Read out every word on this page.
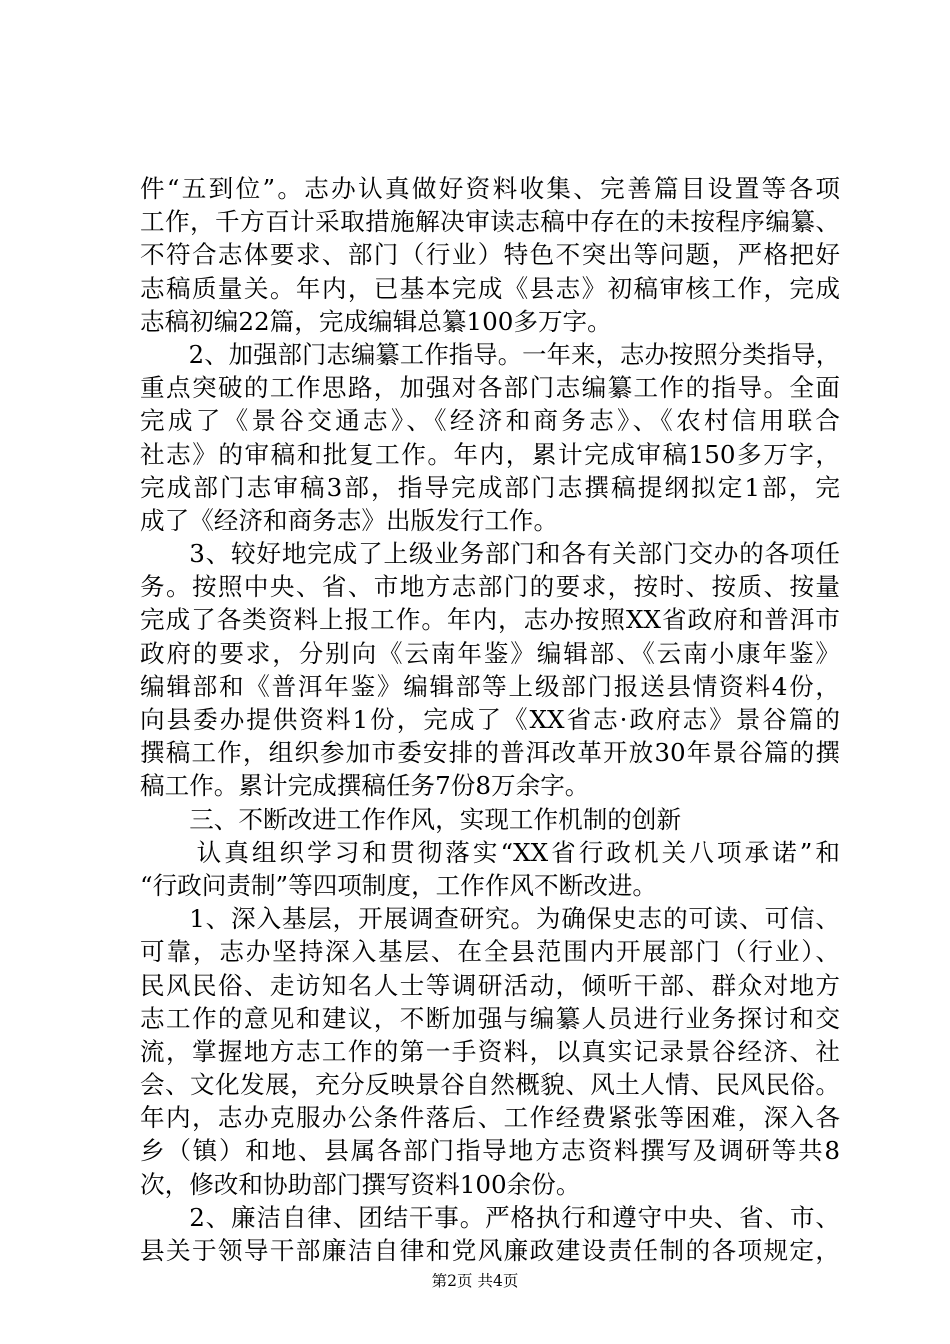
件“五到位”。志办认真做好资料收集、完善篇目设置等各项
工作，千方百计采取措施解决审读志稿中存在的未按程序编纂、
不符合志体要求、部门（行业）特色不突出等问题，严格把好
志稿质量关。年内，已基本完成《县志》初稿审核工作，完成
志稿初编22篇，完成编辑总纂100多万字。
2、加强部门志编纂工作指导。一年来，志办按照分类指导，
重点突破的工作思路，加强对各部门志编纂工作的指导。全面
完成了《景谷交通志》、《经济和商务志》、《农村信用联合
社志》的审稿和批复工作。年内，累计完成审稿150多万字，
完成部门志审稿3部，指导完成部门志撰稿提纲拟定1部，完
成了《经济和商务志》出版发行工作。
3、较好地完成了上级业务部门和各有关部门交办的各项任
务。按照中央、省、市地方志部门的要求，按时、按质、按量
完成了各类资料上报工作。年内，志办按照XX省政府和普洱市
政府的要求，分别向《云南年鉴》编辑部、《云南小康年鉴》
编辑部和《普洱年鉴》编辑部等上级部门报送县情资料4份，
向县委办提供资料1份，完成了《XX省志·政府志》景谷篇的
撰稿工作，组织参加市委安排的普洱改革开放30年景谷篇的撰
稿工作。累计完成撰稿任务7份8万余字。
三、不断改进工作作风，实现工作机制的创新
认真组织学习和贯彻落实“XX省行政机关八项承诺”和
“行政问责制”等四项制度，工作作风不断改进。
1、深入基层，开展调查研究。为确保史志的可读、可信、
可靠，志办坚持深入基层、在全县范围内开展部门（行业）、
民风民俗、走访知名人士等调研活动，倾听干部、群众对地方
志工作的意见和建议，不断加强与编纂人员进行业务探讨和交
流，掌握地方志工作的第一手资料，以真实记录景谷经济、社
会、文化发展，充分反映景谷自然概貌、风土人情、民风民俗。
年内，志办克服办公条件落后、工作经费紧张等困难，深入各
乡（镇）和地、县属各部门指导地方志资料撰写及调研等共8
次，修改和协助部门撰写资料100余份。
2、廉洁自律、团结干事。严格执行和遵守中央、省、市、
县关于领导干部廉洁自律和党风廉政建设责任制的各项规定，
第2页 共4页
